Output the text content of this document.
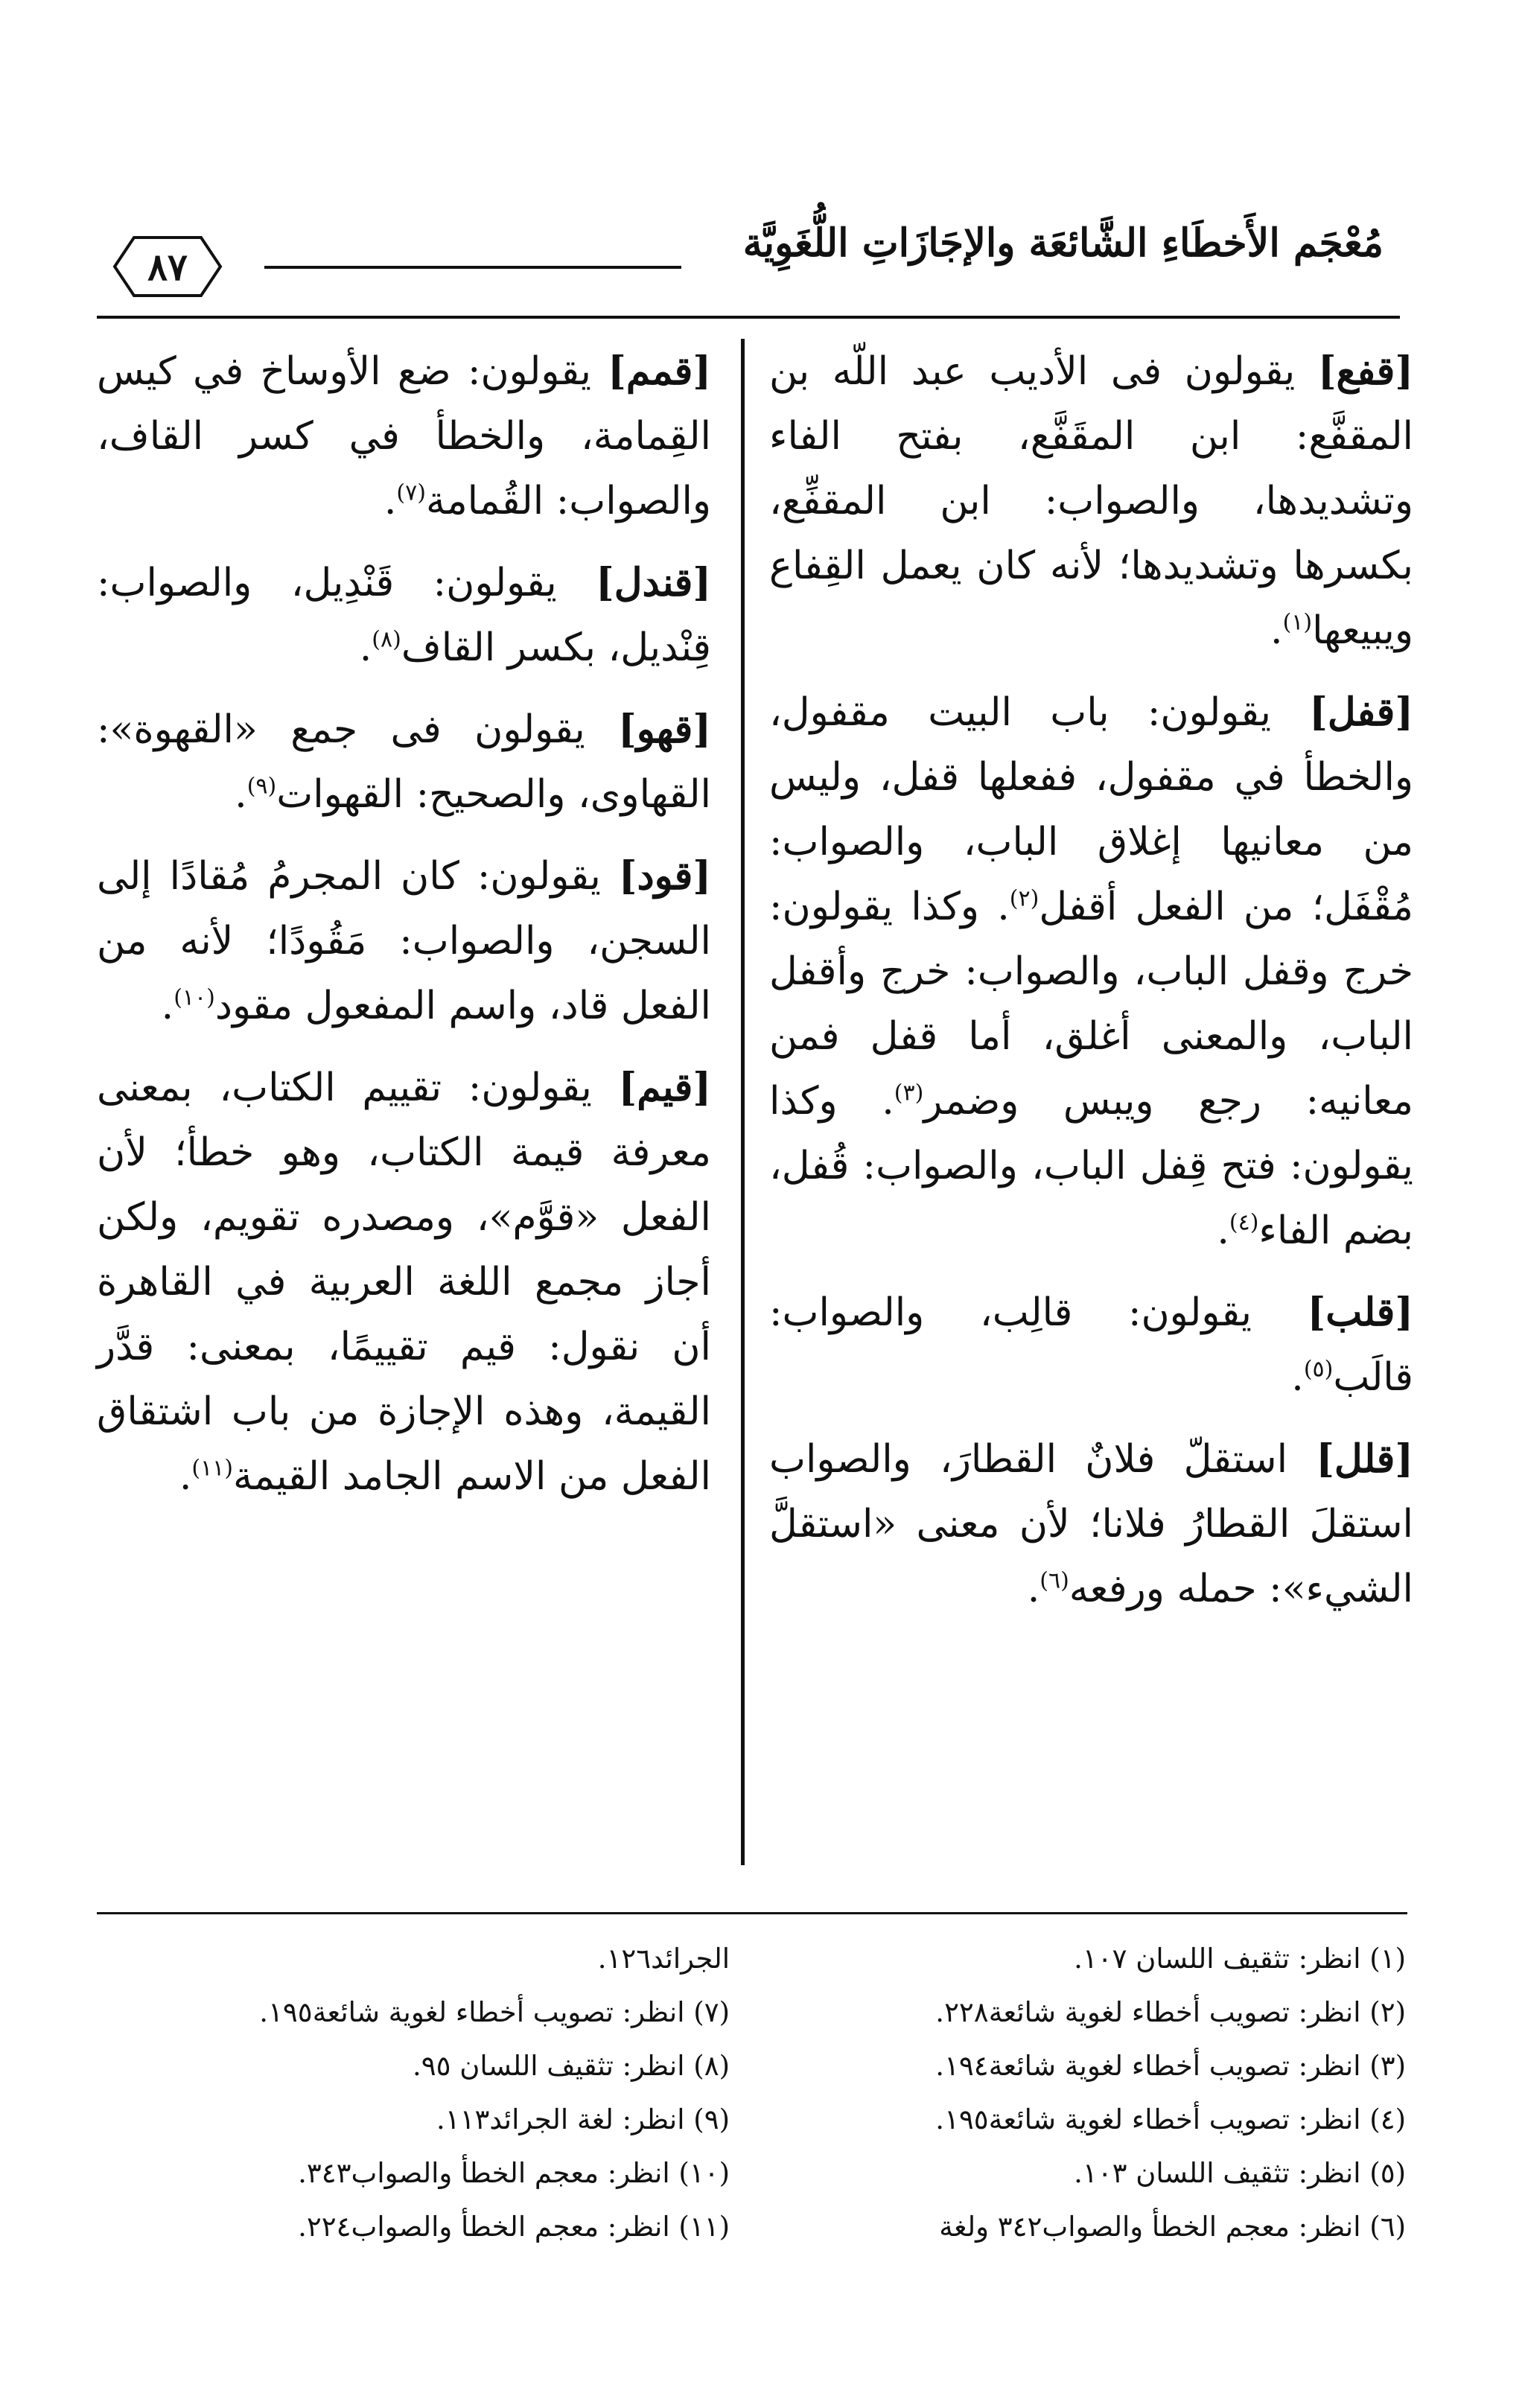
مُعْجَم الأَخطَاءِ الشَّائعَة والإجَازَاتِ اللُّغَوِيَّة
٨٧

[قفع] يقولون فى الأديب عبد اللّه بن المقفَّع: ابن المقَفَّع، بفتح الفاء وتشديدها، والصواب: ابن المقفِّع، بكسرها وتشديدها؛ لأنه كان يعمل القِفاع ويبيعها$^{(١)}$.

[قفل] يقولون: باب البيت مقفول، والخطأ في مقفول، ففعلها قفل، وليس من معانيها إغلاق الباب، والصواب: مُقْفَل؛ من الفعل أقفل$^{(٢)}$. وكذا يقولون: خرج وقفل الباب، والصواب: خرج وأقفل الباب، والمعنى أغلق، أما قفل فمن معانيه: رجع ويبس وضمر$^{(٣)}$. وكذا يقولون: فتح قِفل الباب، والصواب: قُفل، بضم الفاء$^{(٤)}$.

[قلب] يقولون: قالِب، والصواب: قالَب$^{(٥)}$.

[قلل] استقلّ فلانٌ القطارَ، والصواب استقلَ القطارُ فلانا؛ لأن معنى «استقلَّ الشيء»: حمله ورفعه$^{(٦)}$.

[قمم] يقولون: ضع الأوساخ في كيس القِمامة، والخطأ في كسر القاف، والصواب: القُمامة$^{(٧)}$.

[قندل] يقولون: قَنْدِيل، والصواب: قِنْديل، بكسر القاف$^{(٨)}$.

[قهو] يقولون فى جمع «القهوة»: القهاوى، والصحيح: القهوات$^{(٩)}$.

[قود] يقولون: كان المجرمُ مُقادًا إلى السجن، والصواب: مَقُودًا؛ لأنه من الفعل قاد، واسم المفعول مقود$^{(١٠)}$.

[قيم] يقولون: تقييم الكتاب، بمعنى معرفة قيمة الكتاب، وهو خطأ؛ لأن الفعل «قوَّم»، ومصدره تقويم، ولكن أجاز مجمع اللغة العربية في القاهرة أن نقول: قيم تقييمًا، بمعنى: قدَّر القيمة، وهذه الإجازة من باب اشتقاق الفعل من الاسم الجامد القيمة$^{(١١)}$.

(١) انظر: تثقيف اللسان ١٠٧.
(٢) انظر: تصويب أخطاء لغوية شائعة٢٢٨.
(٣) انظر: تصويب أخطاء لغوية شائعة١٩٤.
(٤) انظر: تصويب أخطاء لغوية شائعة١٩٥.
(٥) انظر: تثقيف اللسان ١٠٣.
(٦) انظر: معجم الخطأ والصواب٣٤٢ ولغة
الجرائد١٢٦.
(٧) انظر: تصويب أخطاء لغوية شائعة١٩٥.
(٨) انظر: تثقيف اللسان ٩٥.
(٩) انظر: لغة الجرائد١١٣.
(١٠) انظر: معجم الخطأ والصواب٣٤٣.
(١١) انظر: معجم الخطأ والصواب٢٢٤.
